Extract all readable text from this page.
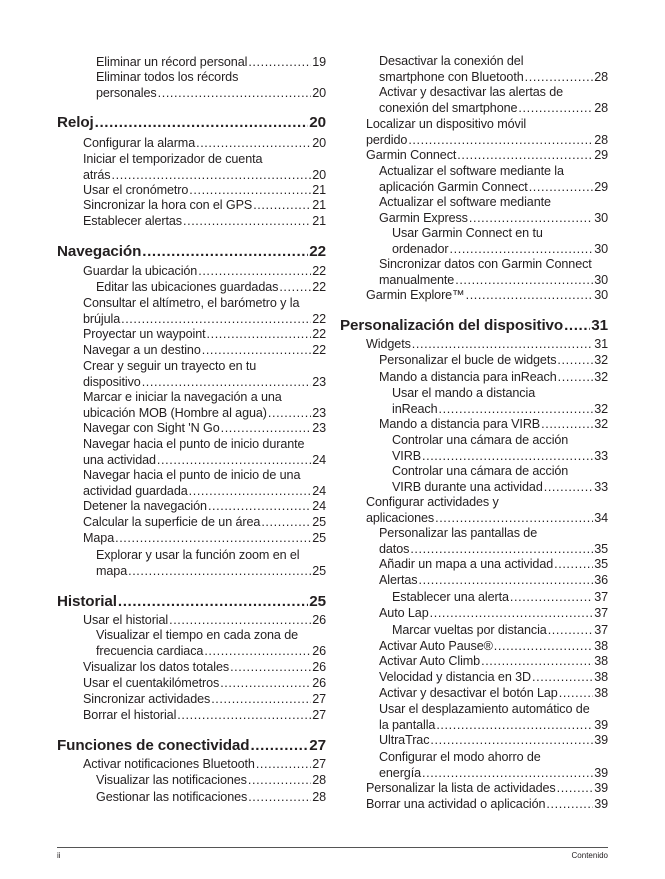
Eliminar un récord personal .....	19
Eliminar todos los récords
personales .....	20
Reloj .....	20
Configurar la alarma .....	20
Iniciar el temporizador de cuenta
atrás .....	20
Usar el cronómetro .....	21
Sincronizar la hora con el GPS .....	21
Establecer alertas .....	21
Navegación .....	22
Guardar la ubicación .....	22
Editar las ubicaciones guardadas .....	22
Consultar el altímetro, el barómetro y la
brújula .....	22
Proyectar un waypoint .....	22
Navegar a un destino .....	22
Crear y seguir un trayecto en tu
dispositivo .....	23
Marcar e iniciar la navegación a una
ubicación MOB (Hombre al agua) .....	23
Navegar con Sight 'N Go .....	23
Navegar hacia el punto de inicio durante
una actividad .....	24
Navegar hacia el punto de inicio de una
actividad guardada .....	24
Detener la navegación .....	24
Calcular la superficie de un área .....	25
Mapa .....	25
Explorar y usar la función zoom en el
mapa .....	25
Historial .....	25
Usar el historial .....	26
Visualizar el tiempo en cada zona de
frecuencia cardiaca .....	26
Visualizar los datos totales .....	26
Usar el cuentakilómetros .....	26
Sincronizar actividades .....	27
Borrar el historial .....	27
Funciones de conectividad .....	27
Activar notificaciones Bluetooth .....	27
Visualizar las notificaciones .....	28
Gestionar las notificaciones .....	28
Desactivar la conexión del
smartphone con Bluetooth .....	28
Activar y desactivar las alertas de
conexión del smartphone .....	28
Localizar un dispositivo móvil
perdido .....	28
Garmin Connect .....	29
Actualizar el software mediante la
aplicación Garmin Connect .....	29
Actualizar el software mediante
Garmin Express .....	30
Usar Garmin Connect en tu
ordenador .....	30
Sincronizar datos con Garmin Connect
manualmente .....	30
Garmin Explore™ .....	30
Personalización del dispositivo ..... 31
Widgets .....	31
Personalizar el bucle de widgets .....	32
Mando a distancia para inReach .....	32
Usar el mando a distancia
inReach .....	32
Mando a distancia para VIRB .....	32
Controlar una cámara de acción
VIRB .....	33
Controlar una cámara de acción
VIRB durante una actividad .....	33
Configurar actividades y
aplicaciones .....	34
Personalizar las pantallas de
datos .....	35
Añadir un mapa a una actividad .....	35
Alertas .....	36
Establecer una alerta .....	37
Auto Lap .....	37
Marcar vueltas por distancia .....	37
Activar Auto Pause® .....	38
Activar Auto Climb .....	38
Velocidad y distancia en 3D .....	38
Activar y desactivar el botón Lap .....	38
Usar el desplazamiento automático de
la pantalla .....	39
UltraTrac .....	39
Configurar el modo ahorro de
energía .....	39
Personalizar la lista de actividades .....	39
Borrar una actividad o aplicación .....	39
ii	Contenido
